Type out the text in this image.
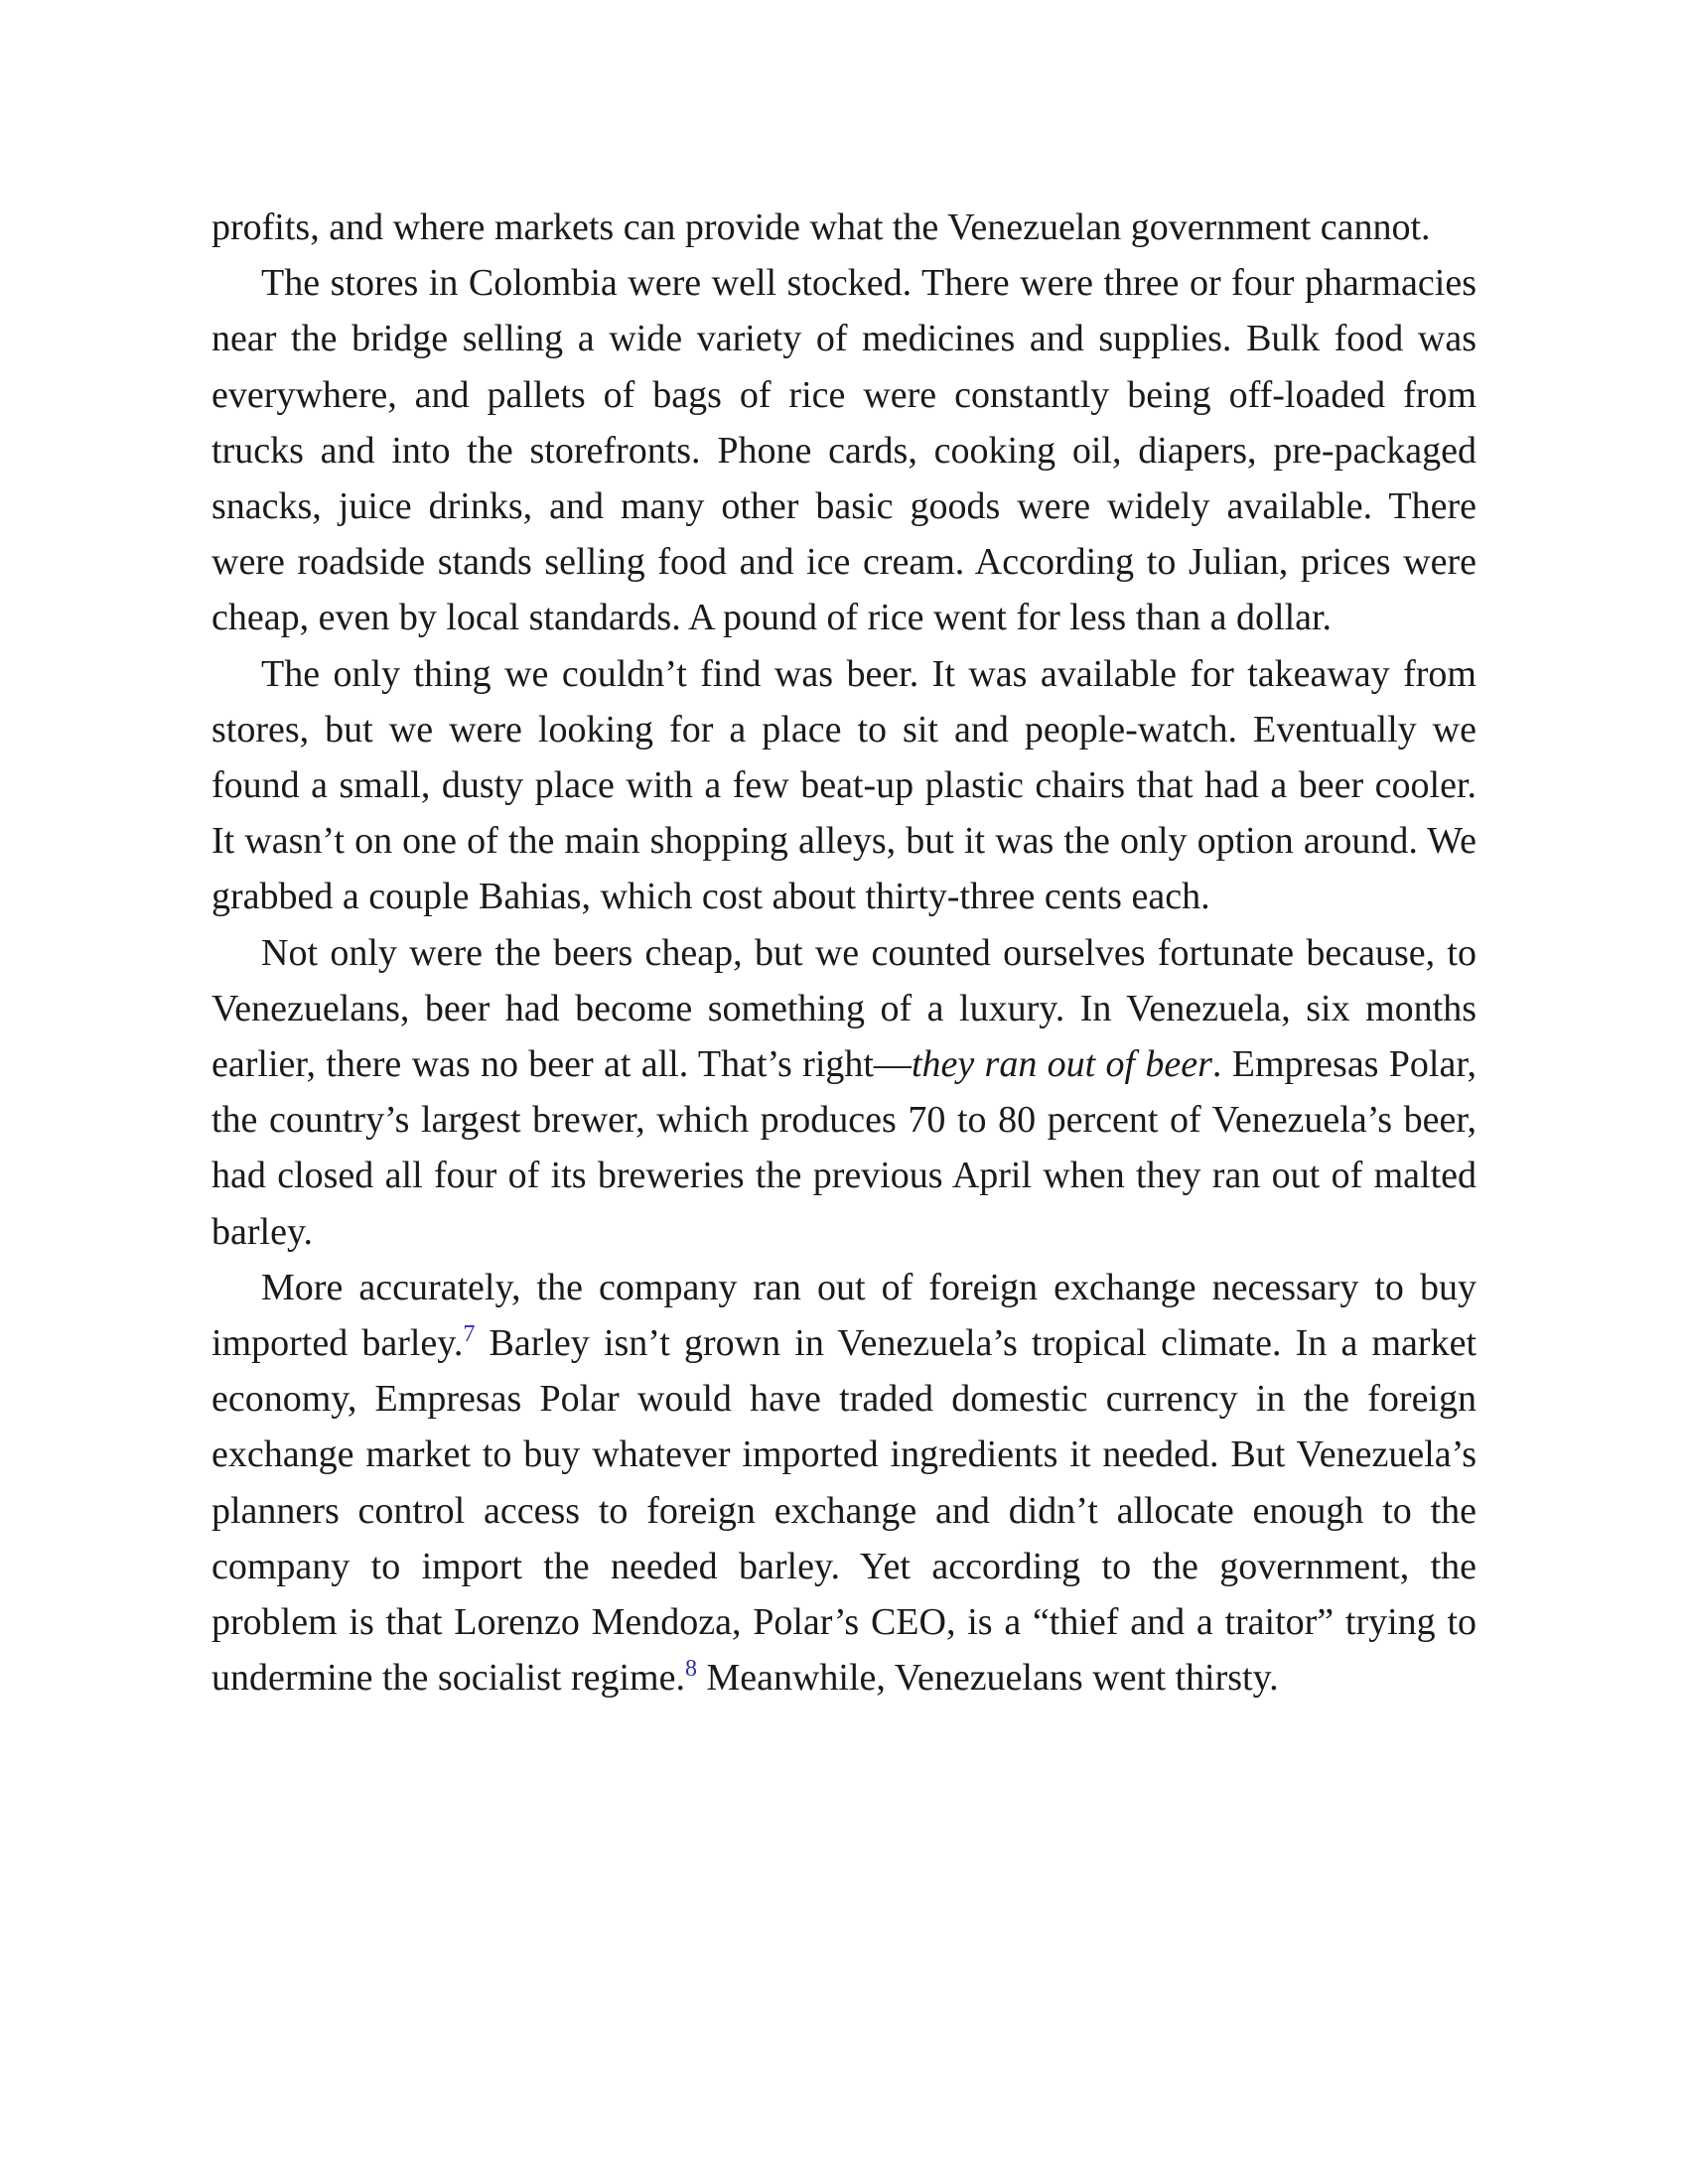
profits, and where markets can provide what the Venezuelan government cannot.

The stores in Colombia were well stocked. There were three or four pharmacies near the bridge selling a wide variety of medicines and supplies. Bulk food was everywhere, and pallets of bags of rice were constantly being off-loaded from trucks and into the storefronts. Phone cards, cooking oil, diapers, pre-packaged snacks, juice drinks, and many other basic goods were widely available. There were roadside stands selling food and ice cream. According to Julian, prices were cheap, even by local standards. A pound of rice went for less than a dollar.

The only thing we couldn’t find was beer. It was available for takeaway from stores, but we were looking for a place to sit and people-watch. Eventually we found a small, dusty place with a few beat-up plastic chairs that had a beer cooler. It wasn’t on one of the main shopping alleys, but it was the only option around. We grabbed a couple Bahias, which cost about thirty-three cents each.

Not only were the beers cheap, but we counted ourselves fortunate because, to Venezuelans, beer had become something of a luxury. In Venezuela, six months earlier, there was no beer at all. That’s right—they ran out of beer. Empresas Polar, the country’s largest brewer, which produces 70 to 80 percent of Venezuela’s beer, had closed all four of its breweries the previous April when they ran out of malted barley.

More accurately, the company ran out of foreign exchange necessary to buy imported barley.$^7$ Barley isn’t grown in Venezuela’s tropical climate. In a market economy, Empresas Polar would have traded domestic currency in the foreign exchange market to buy whatever imported ingredients it needed. But Venezuela’s planners control access to foreign exchange and didn’t allocate enough to the company to import the needed barley. Yet according to the government, the problem is that Lorenzo Mendoza, Polar’s CEO, is a “thief and a traitor” trying to undermine the socialist regime.$^8$ Meanwhile, Venezuelans went thirsty.
